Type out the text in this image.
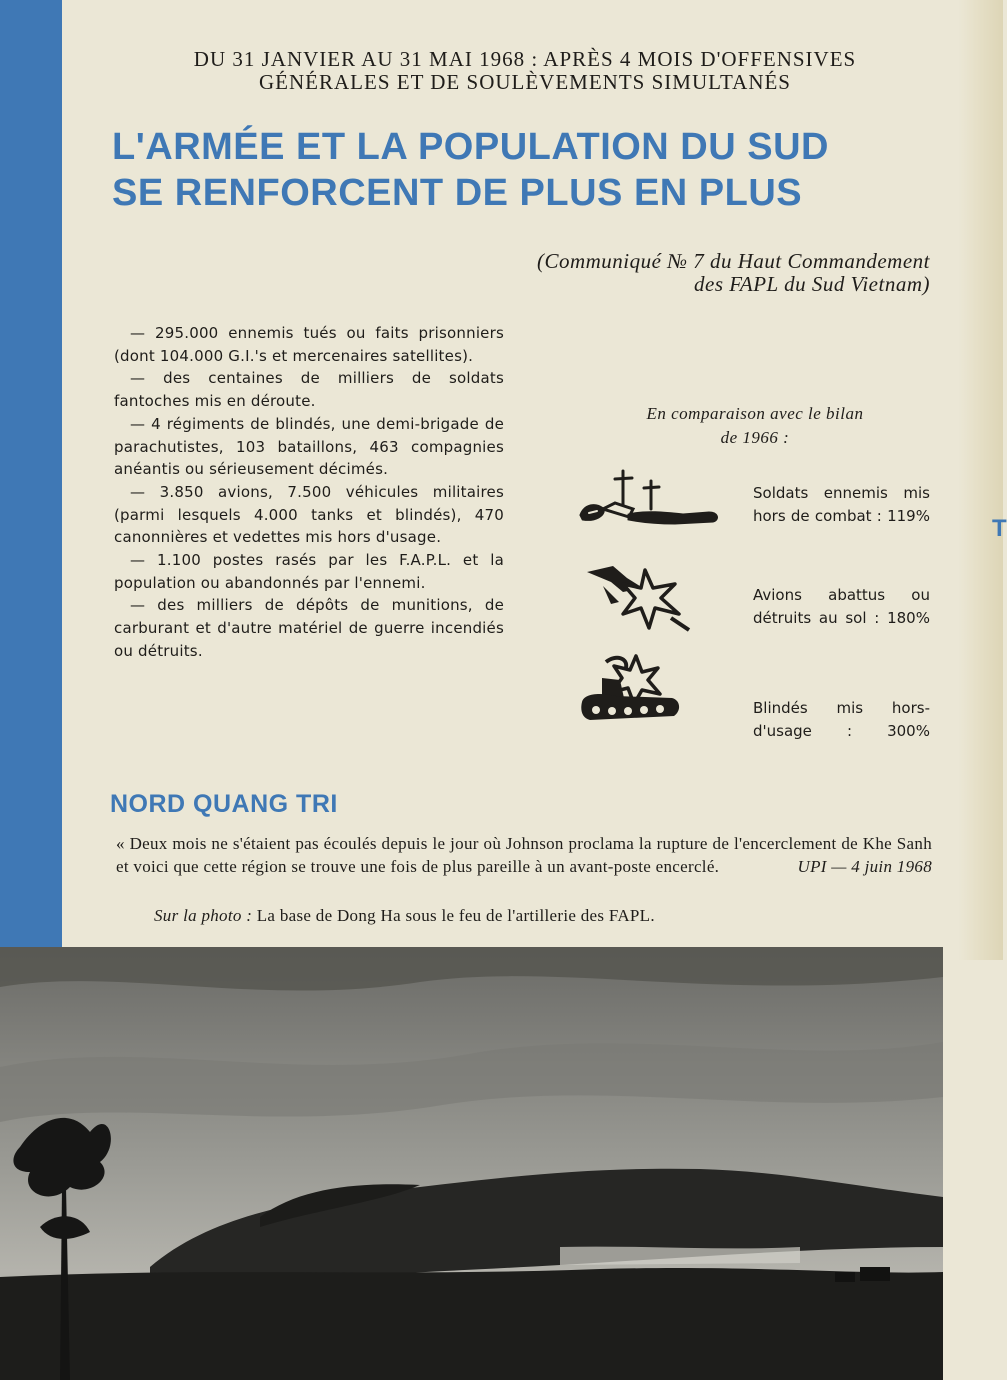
T
DU 31 JANVIER AU 31 MAI 1968 : APRÈS 4 MOIS D'OFFENSIVES
GÉNÉRALES ET DE SOULÈVEMENTS SIMULTANÉS
L'ARMÉE ET LA POPULATION DU SUD
SE RENFORCENT DE PLUS EN PLUS
(Communiqué № 7 du Haut Commandement
des FAPL du Sud Vietnam)

— 295.000 ennemis tués ou faits prisonniers (dont 104.000 G.I.'s et mercenaires satellites).

— des centaines de milliers de soldats fantoches mis en déroute.

— 4 régiments de blindés, une demi-brigade de parachutistes, 103 bataillons, 463 compagnies anéantis ou sérieusement décimés.

— 3.850 avions, 7.500 véhicules militaires (parmi lesquels 4.000 tanks et blindés), 470 canonnières et vedettes mis hors d'usage.

— 1.100 postes rasés par les F.A.P.L. et la population ou abandonnés par l'ennemi.

— des milliers de dépôts de munitions, de carburant et d'autre matériel de guerre incendiés ou détruits.

En comparaison avec le bilan
de 1966 :
Soldats ennemis mis hors de combat : 119%
Avions abattus ou détruits au sol : 180%
Blindés mis hors-d'usage : 300%
NORD QUANG TRI
« Deux mois ne s'étaient pas écoulés depuis le jour où Johnson proclama la rupture de l'encerclement de Khe Sanh et voici que cette région se trouve une fois de plus pareille à un avant-poste encerclé.	UPI — 4 juin 1968
Sur la photo : La base de Dong Ha sous le feu de l'artillerie des FAPL.
